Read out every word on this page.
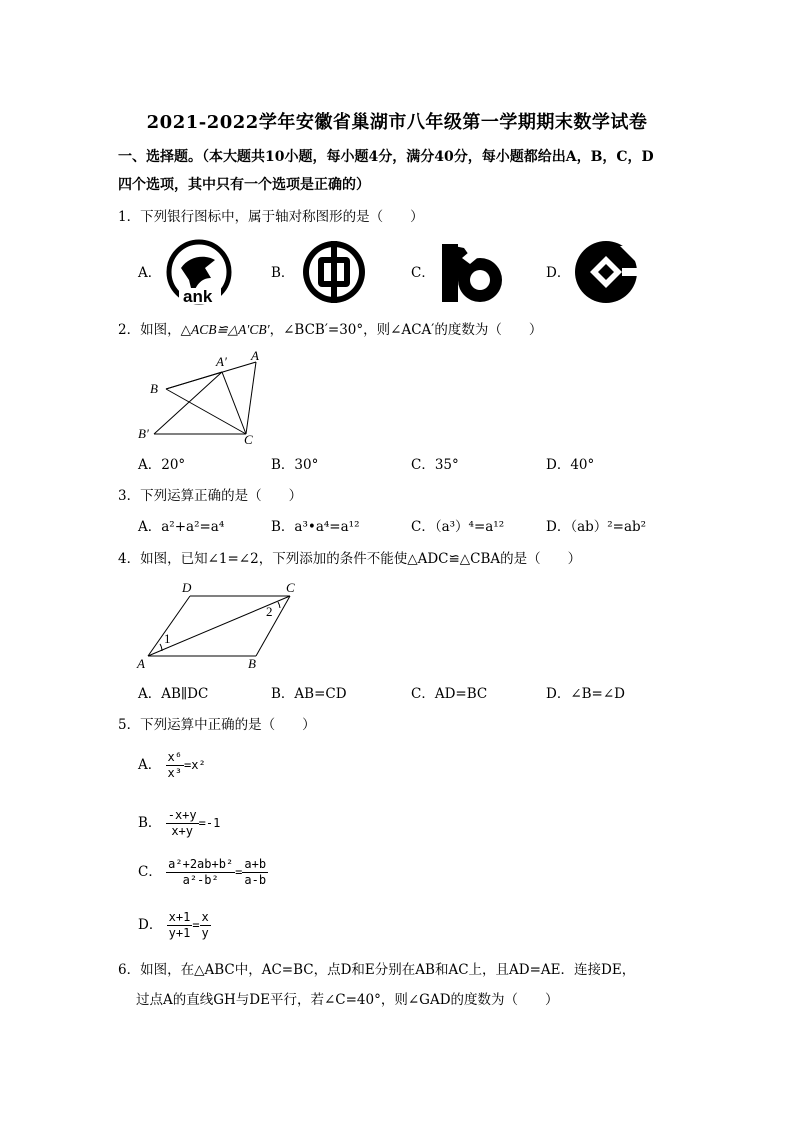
2021-2022学年安徽省巢湖市八年级第一学期期末数学试卷
一、选择题。（本大题共10小题，每小题4分，满分40分，每小题都给出A，B，C，D
四个选项，其中只有一个选项是正确的）
1．下列银行图标中，属于轴对称图形的是（　　）
A．
ank
B．	C．	D．
2．如图，△ACB≌△A′CB′，∠BCB′=30°，则∠ACA′的度数为（　　）
A′ A
B
B′	C
A．20°	B．30°	C．35°	D．40°
3．下列运算正确的是（　　）
A．a²+a²=a⁴	B．a³•a⁴=a¹²	C．（a³）⁴=a¹²	D．（ab）²=ab²
4．如图，已知∠1=∠2，下列添加的条件不能使△ADC≌△CBA的是（　　）
D	C
A	B
1
2
A．AB∥DC	B．AB=CD	C．AD=BC	D．∠B=∠D
5．下列运算中正确的是（　　）
A． $\frac{\text{x⁶}}{\text{x³}} =x^2$
B． $\frac{-x+y}{x+y} =-1$
C． $\frac{\text{a²+2ab+b²}}{\text{a²-b²}} = \frac{a+b}{a-b}$
D． $\frac{x+1}{y+1} = \frac{x}{y}$
6．如图，在△ABC中，AC=BC，点D和E分别在AB和AC上，且AD=AE．连接DE，
过点A的直线GH与DE平行，若∠C=40°，则∠GAD的度数为（　　）
